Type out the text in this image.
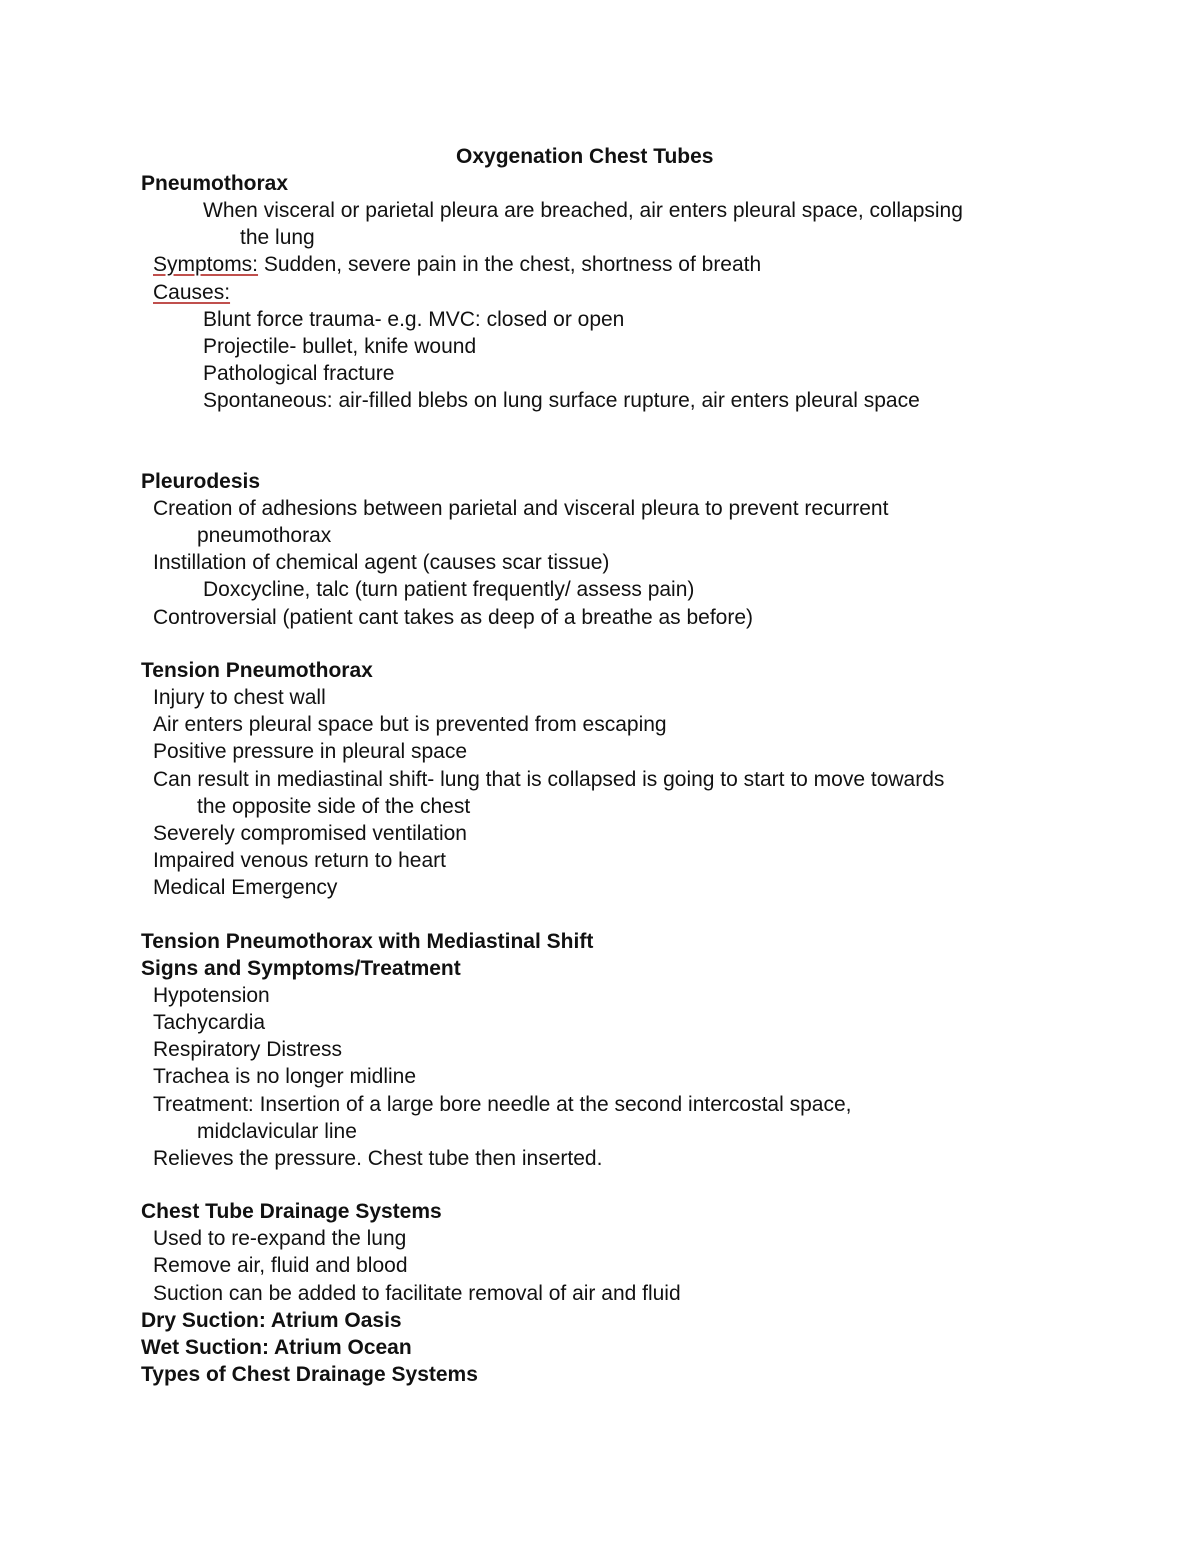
Oxygenation Chest Tubes
Pneumothorax
When visceral or parietal pleura are breached, air enters pleural space, collapsing
the lung
Symptoms: Sudden, severe pain in the chest, shortness of breath
Causes:
Blunt force trauma- e.g. MVC: closed or open
Projectile- bullet, knife wound
Pathological fracture
Spontaneous: air-filled blebs on lung surface rupture, air enters pleural space
Pleurodesis
Creation of adhesions between parietal and visceral pleura to prevent recurrent
pneumothorax
Instillation of chemical agent (causes scar tissue)
Doxcycline, talc (turn patient frequently/ assess pain)
Controversial (patient cant takes as deep of a breathe as before)
Tension Pneumothorax
Injury to chest wall
Air enters pleural space but is prevented from escaping
Positive pressure in pleural space
Can result in mediastinal shift- lung that is collapsed is going to start to move towards
the opposite side of the chest
Severely compromised ventilation
Impaired venous return to heart
Medical Emergency
Tension Pneumothorax with Mediastinal Shift
Signs and Symptoms/Treatment
Hypotension
Tachycardia
Respiratory Distress
Trachea is no longer midline
Treatment: Insertion of a large bore needle at the second intercostal space,
midclavicular line
Relieves the pressure. Chest tube then inserted.
Chest Tube Drainage Systems
Used to re-expand the lung
Remove air, fluid and blood
Suction can be added to facilitate removal of air and fluid
Dry Suction: Atrium Oasis
Wet Suction: Atrium Ocean
Types of Chest Drainage Systems
